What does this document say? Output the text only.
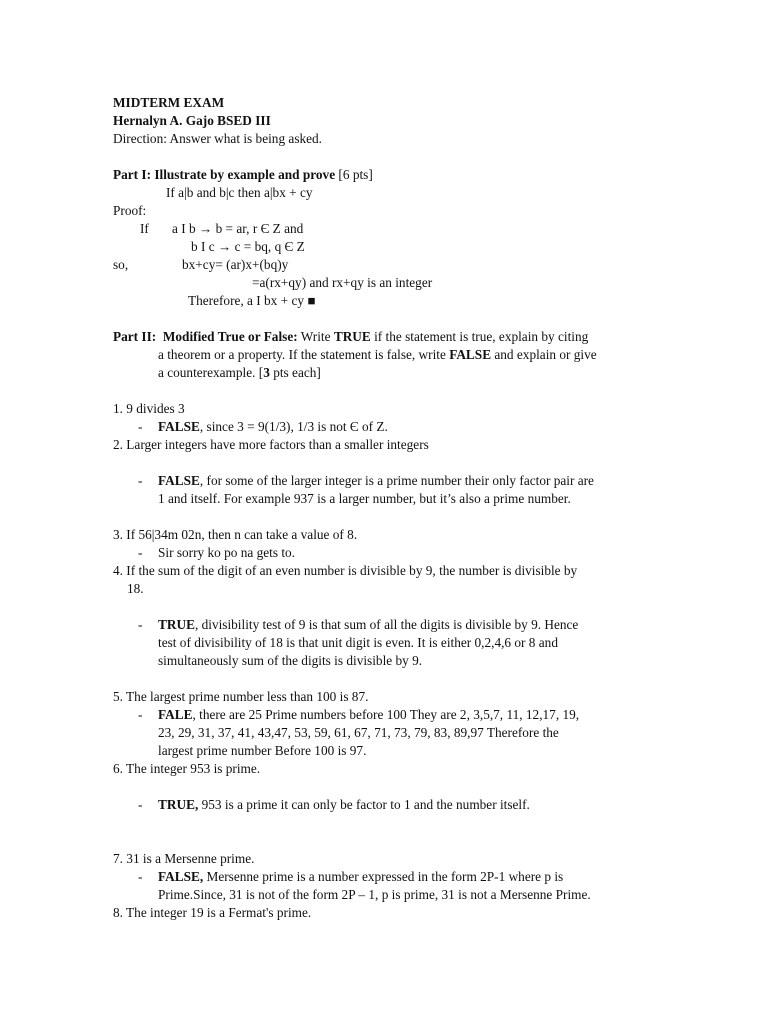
MIDTERM EXAM
Hernalyn A. Gajo BSED III
Direction: Answer what is being asked.
Part I: Illustrate by example and prove [6 pts]
If a|b and b|c then a|bx + cy
Proof:
If a I b → b = ar, r Є Z and
b I c → c = bq, q Є Z
so,	bx+cy= (ar)x+(bq)y
=a(rx+qy) and rx+qy is an integer
Therefore, a I bx + cy ■
Part II: Modified True or False: Write TRUE if the statement is true, explain by citing
a theorem or a property. If the statement is false, write FALSE and explain or give
a counterexample. [3 pts each]
1. 9 divides 3
- FALSE, since 3 = 9(1/3), 1/3 is not Є of Z.
2. Larger integers have more factors than a smaller integers
- FALSE, for some of the larger integer is a prime number their only factor pair are
1 and itself. For example 937 is a larger number, but it’s also a prime number.
3. If 56|34m 02n, then n can take a value of 8.
- Sir sorry ko po na gets to.
4. If the sum of the digit of an even number is divisible by 9, the number is divisible by
18.
- TRUE, divisibility test of 9 is that sum of all the digits is divisible by 9. Hence
test of divisibility of 18 is that unit digit is even. It is either 0,2,4,6 or 8 and
simultaneously sum of the digits is divisible by 9.
5. The largest prime number less than 100 is 87.
- FALE, there are 25 Prime numbers before 100 They are 2, 3,5,7, 11, 12,17, 19,
23, 29, 31, 37, 41, 43,47, 53, 59, 61, 67, 71, 73, 79, 83, 89,97 Therefore the
largest prime number Before 100 is 97.
6. The integer 953 is prime.
- TRUE, 953 is a prime it can only be factor to 1 and the number itself.
7. 31 is a Mersenne prime.
- FALSE, Mersenne prime is a number expressed in the form 2P-1 where p is
Prime.Since, 31 is not of the form 2P – 1, p is prime, 31 is not a Mersenne Prime.
8. The integer 19 is a Fermat's prime.
